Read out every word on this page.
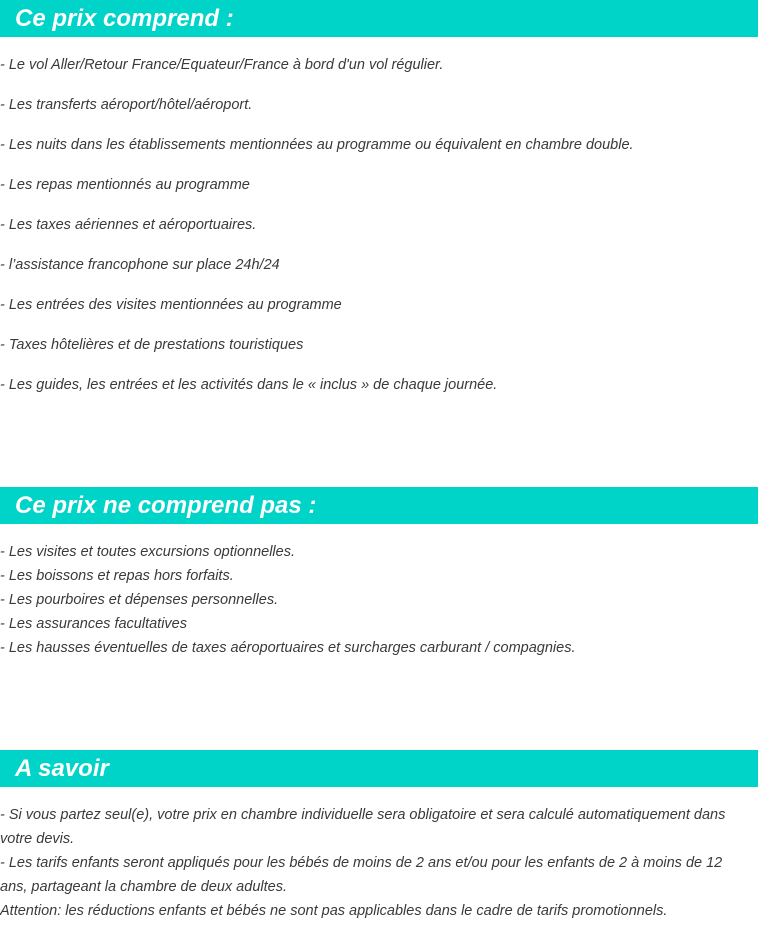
Ce prix comprend :
- Le vol Aller/Retour France/Equateur/France à bord d'un vol régulier.
- Les transferts aéroport/hôtel/aéroport.
- Les nuits dans les établissements mentionnées au programme ou équivalent en chambre double.
- Les repas mentionnés au programme
- Les taxes aériennes et aéroportuaires.
- l’assistance francophone sur place 24h/24
- Les entrées des visites mentionnées au programme
- Taxes hôtelières et de prestations touristiques
- Les guides, les entrées et les activités dans le « inclus » de chaque journée.
Ce prix ne comprend pas :
- Les visites et toutes excursions optionnelles.
- Les boissons et repas hors forfaits.
- Les pourboires et dépenses personnelles.
- Les assurances facultatives
- Les hausses éventuelles de taxes aéroportuaires et surcharges carburant / compagnies.
A savoir

- Si vous partez seul(e), votre prix en chambre individuelle sera obligatoire et sera calculé automatiquement dans votre devis.

- Les tarifs enfants seront appliqués pour les bébés de moins de 2 ans et/ou pour les enfants de 2 à moins de 12 ans, partageant la chambre de deux adultes.

Attention: les réductions enfants et bébés ne sont pas applicables dans le cadre de tarifs promotionnels.
